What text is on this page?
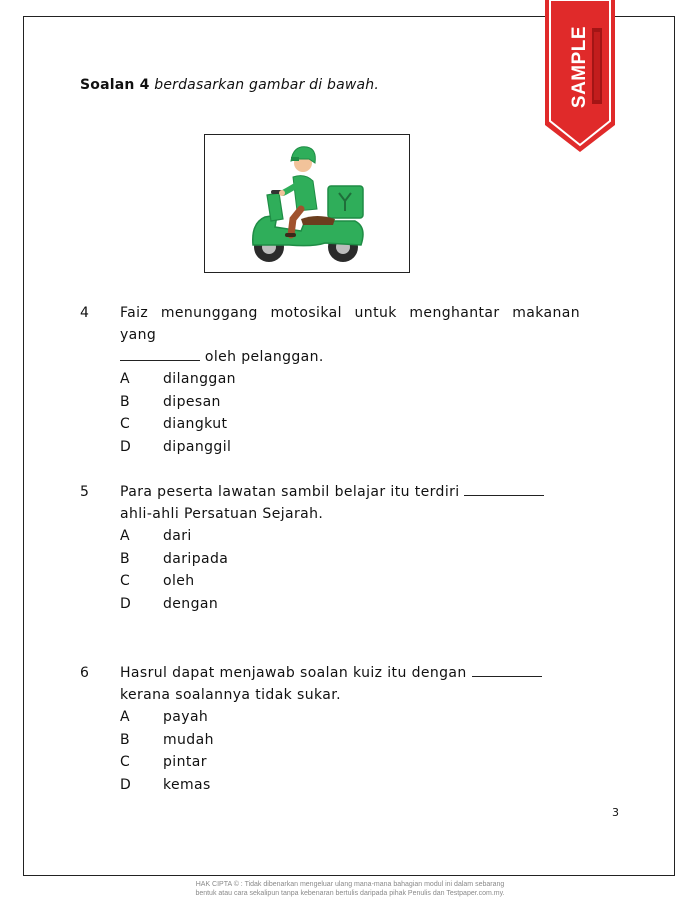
SAMPLE
Soalan 4 berdasarkan gambar di bawah.
4	Faiz menunggang motosikal untuk menghantar makanan yang
oleh pelanggan.
A dilanggan
B dipesan
C diangkut
D dipanggil
5	Para peserta lawatan sambil belajar itu terdiri
ahli-ahli Persatuan Sejarah.
A dari
B daripada
C oleh
D dengan
6	Hasrul dapat menjawab soalan kuiz itu dengan
kerana soalannya tidak sukar.
A payah
B mudah
C pintar
D kemas
3
HAK CIPTA © : Tidak dibenarkan mengeluar ulang mana-mana bahagian modul ini dalam sebarang
bentuk atau cara sekalipun tanpa kebenaran bertulis daripada pihak Penulis dan Testpaper.com.my.
